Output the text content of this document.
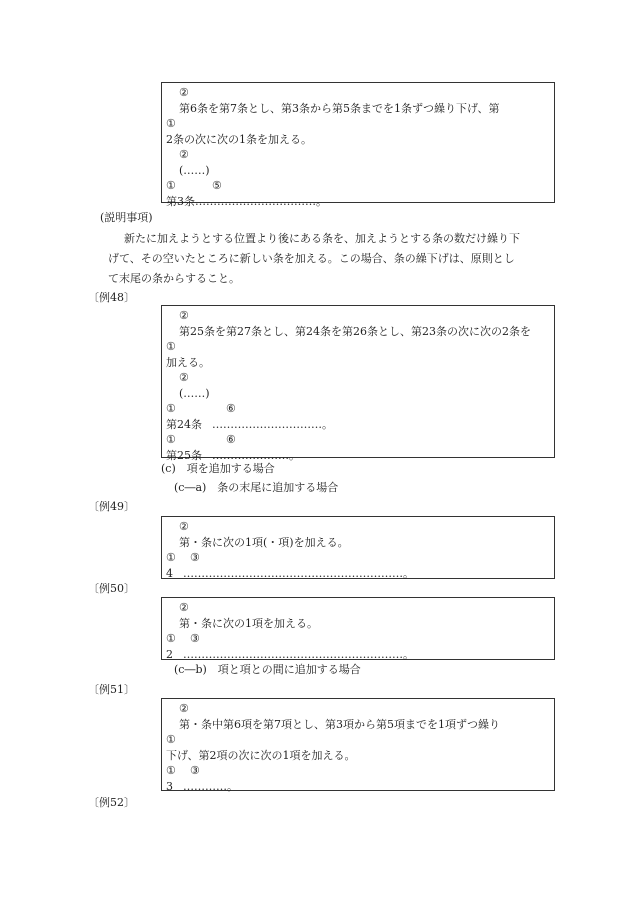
②
第6条を第7条とし、第3条から第5条までを1条ずつ繰り下げ、第
①
2条の次に次の1条を加える。
②
(……)
①	⑤
第3条……………………………。
(説明事項)
新たに加えようとする位置より後にある条を、加えようとする条の数だけ繰り下
げて、その空いたところに新しい条を加える。この場合、条の繰下げは、原則とし
て末尾の条からすること。
〔例48〕
②
第25条を第27条とし、第24条を第26条とし、第23条の次に次の2条を
①
加える。
②
(……)
①	⑥
第24条 …………………………。
①	⑥
第25条 …………………。
(c)　項を追加する場合
(c―a)　条の末尾に追加する場合
〔例49〕
②
第・条に次の1項(・項)を加える。
① ③
4 ……………………………………………………。
〔例50〕
②
第・条に次の1項を加える。
① ③
2 ……………………………………………………。
(c―b)　項と項との間に追加する場合
〔例51〕
②
第・条中第6項を第7項とし、第3項から第5項までを1項ずつ繰り
①
下げ、第2項の次に次の1項を加える。
① ③
3 …………。
〔例52〕
